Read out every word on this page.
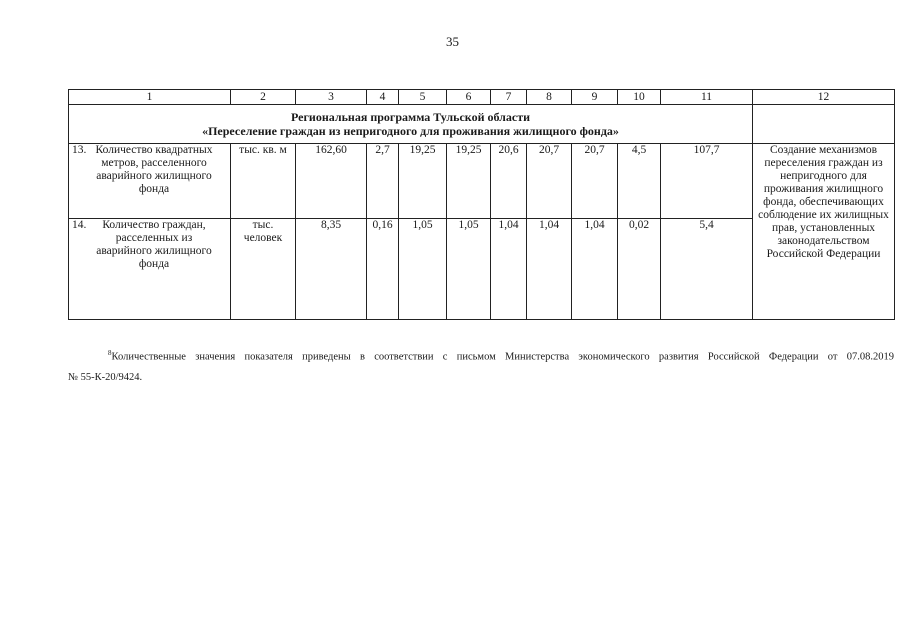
35
1	2	3	4	5	6	7	8	9	10	11	12

Региональная программа Тульской области
«Переселение граждан из непригодного для проживания жилищного фонда»											

13. Количество квадратных метров, расселенного аварийного жилищного фонда	тыс. кв. м	162,60	2,7	19,25	19,25	20,6	20,7	20,7	4,5	107,7	Создание механизмов переселения граждан из непригодного для проживания жилищного фонда, обеспечивающих соблюдение их жилищных прав, установленных законодательством Российской Федерации
14. Количество граждан, расселенных из аварийного жилищного фонда	тыс. человек	8,35	0,16	1,05	1,05	1,04	1,04	1,04	0,02	5,4	
$^8$Количественные значения показателя приведены в соответствии с письмом Министерства экономического развития Российской Федерации от 07.08.2019
№ 55-К-20/9424.
